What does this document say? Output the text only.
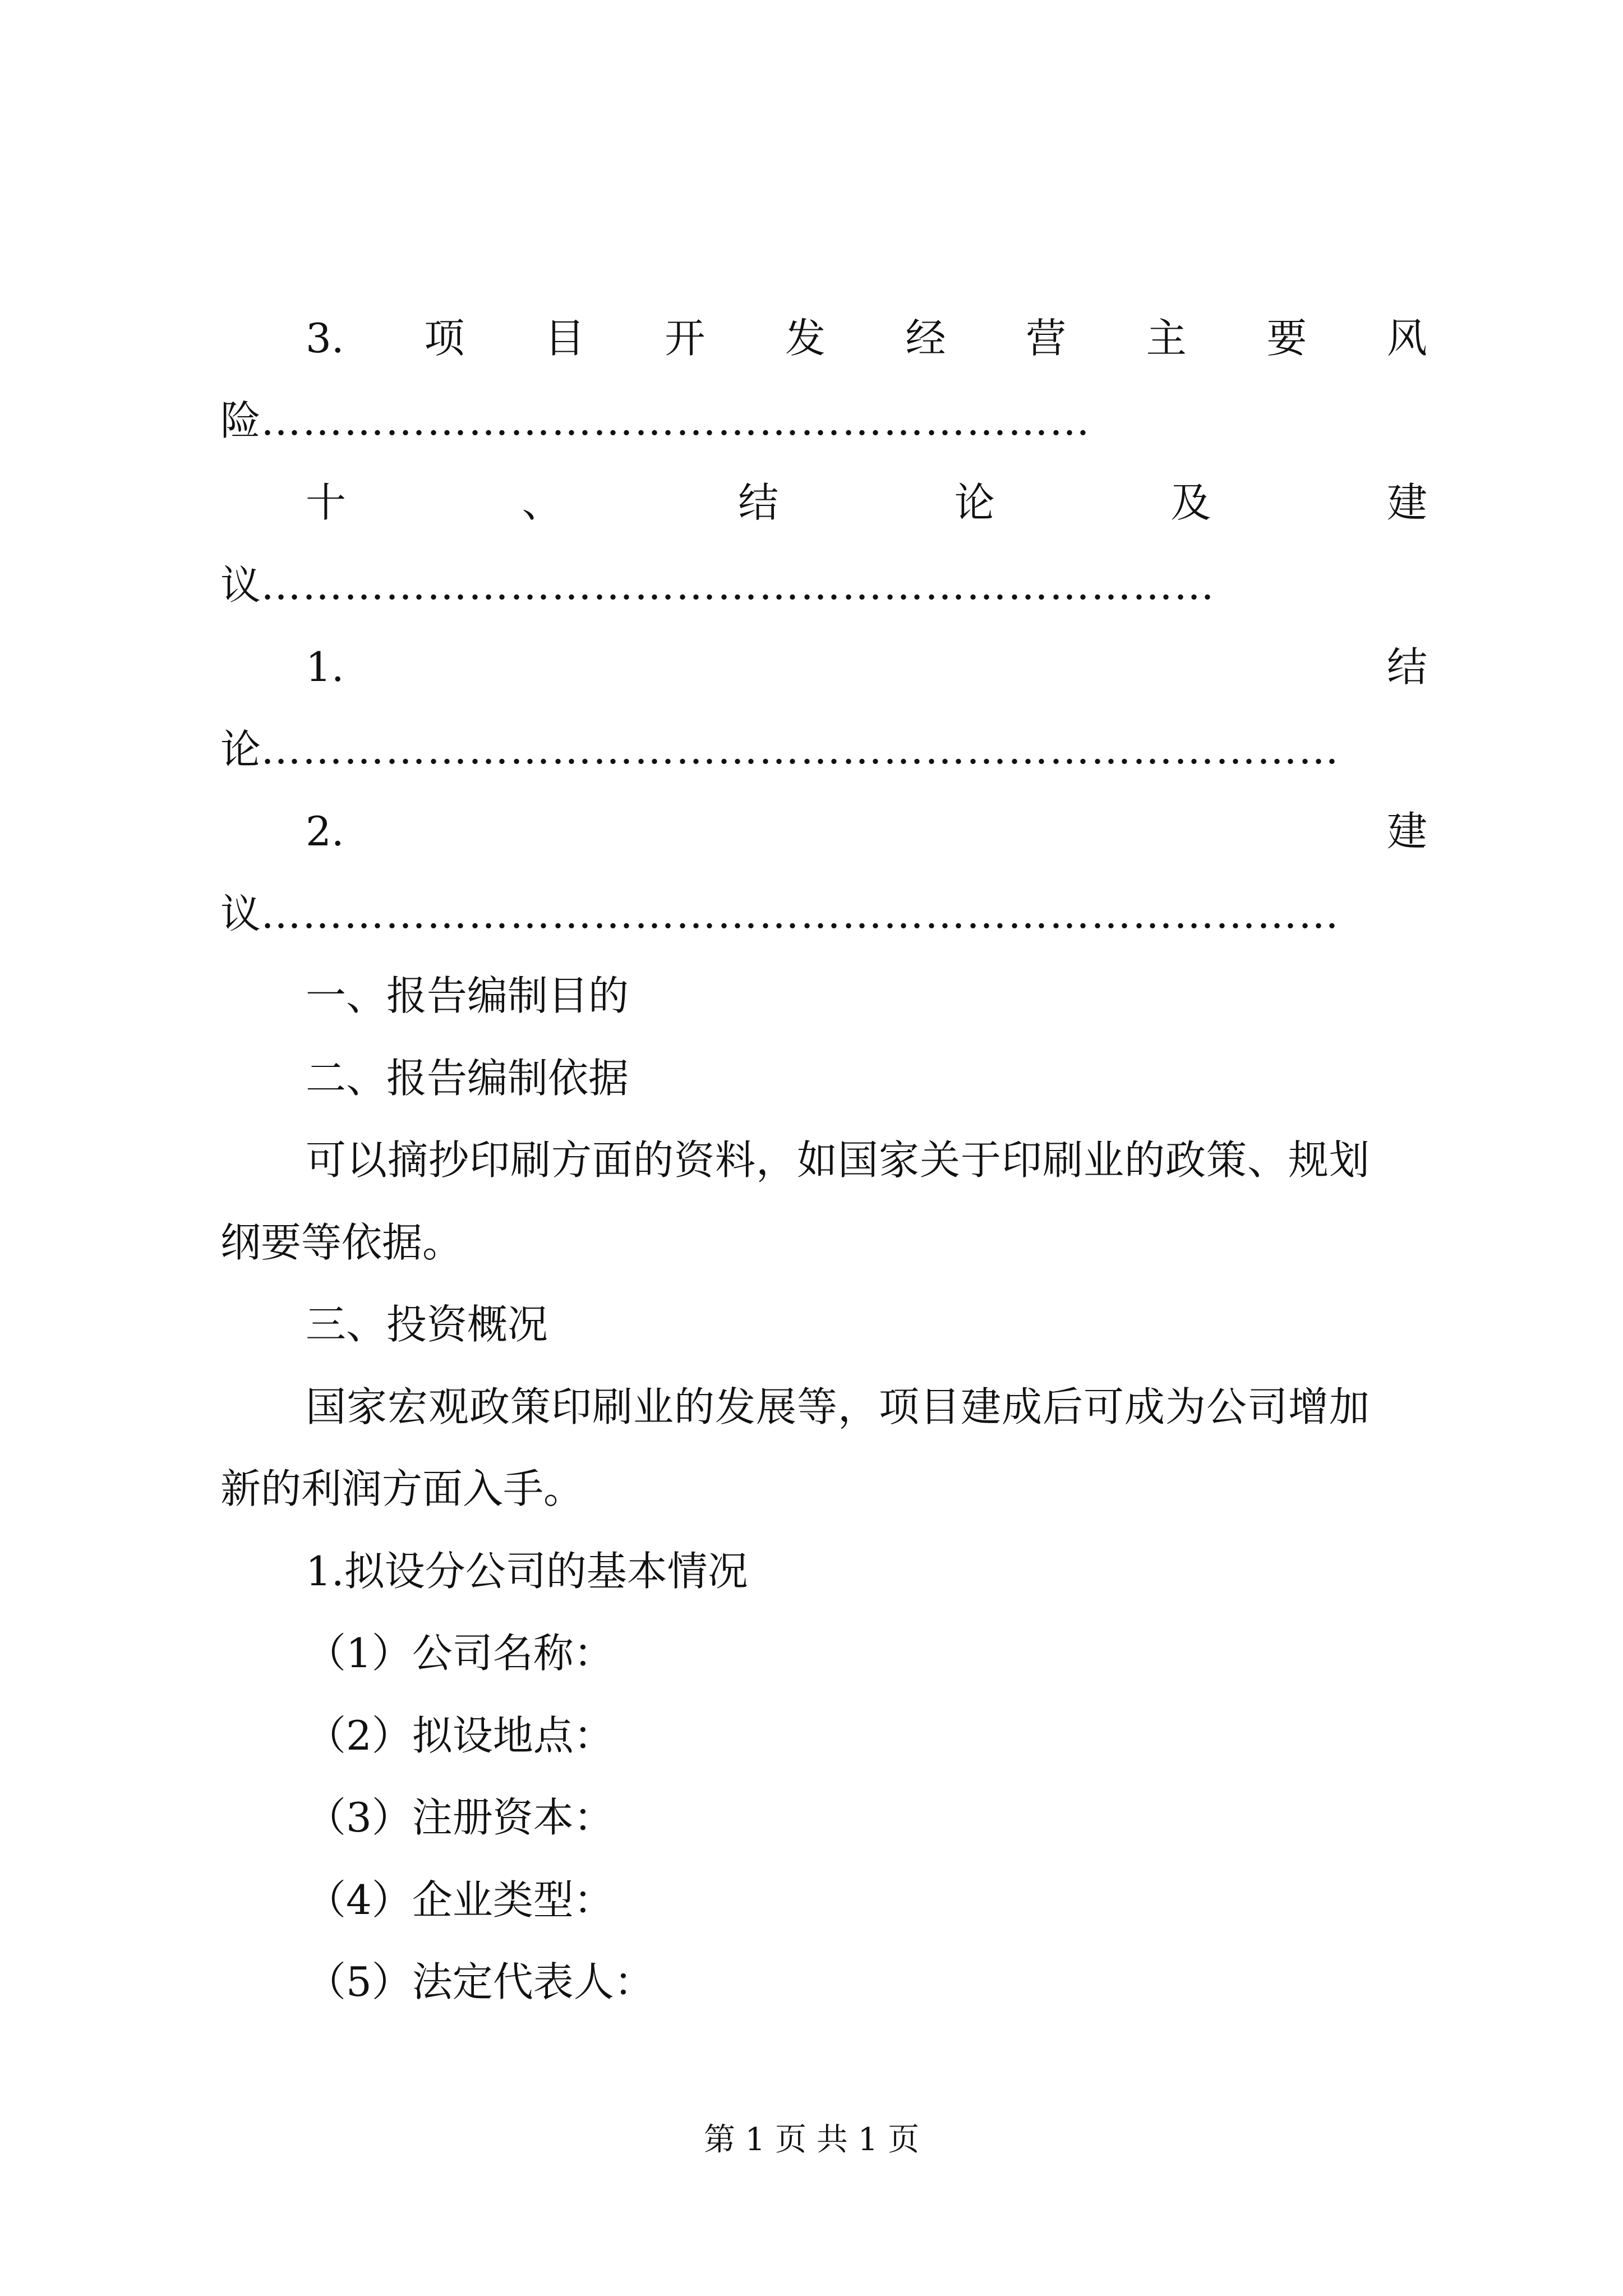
3. 项 目 开 发 经 营 主 要 风
险……………………………………………………
十	、	结	论	及	建
议……………………………………………………………
1.	结
论……………………………………………………………………
2.	建
议……………………………………………………………………
一、报告编制目的
二、报告编制依据
可以摘抄印刷方面的资料，如国家关于印刷业的政策、规划
纲要等依据。
三、投资概况
国家宏观政策印刷业的发展等，项目建成后可成为公司增加
新的利润方面入手。
1.拟设分公司的基本情况
（1）公司名称：
（2）拟设地点：
（3）注册资本：
（4）企业类型：
（5）法定代表人：
第 1 页 共 1 页
